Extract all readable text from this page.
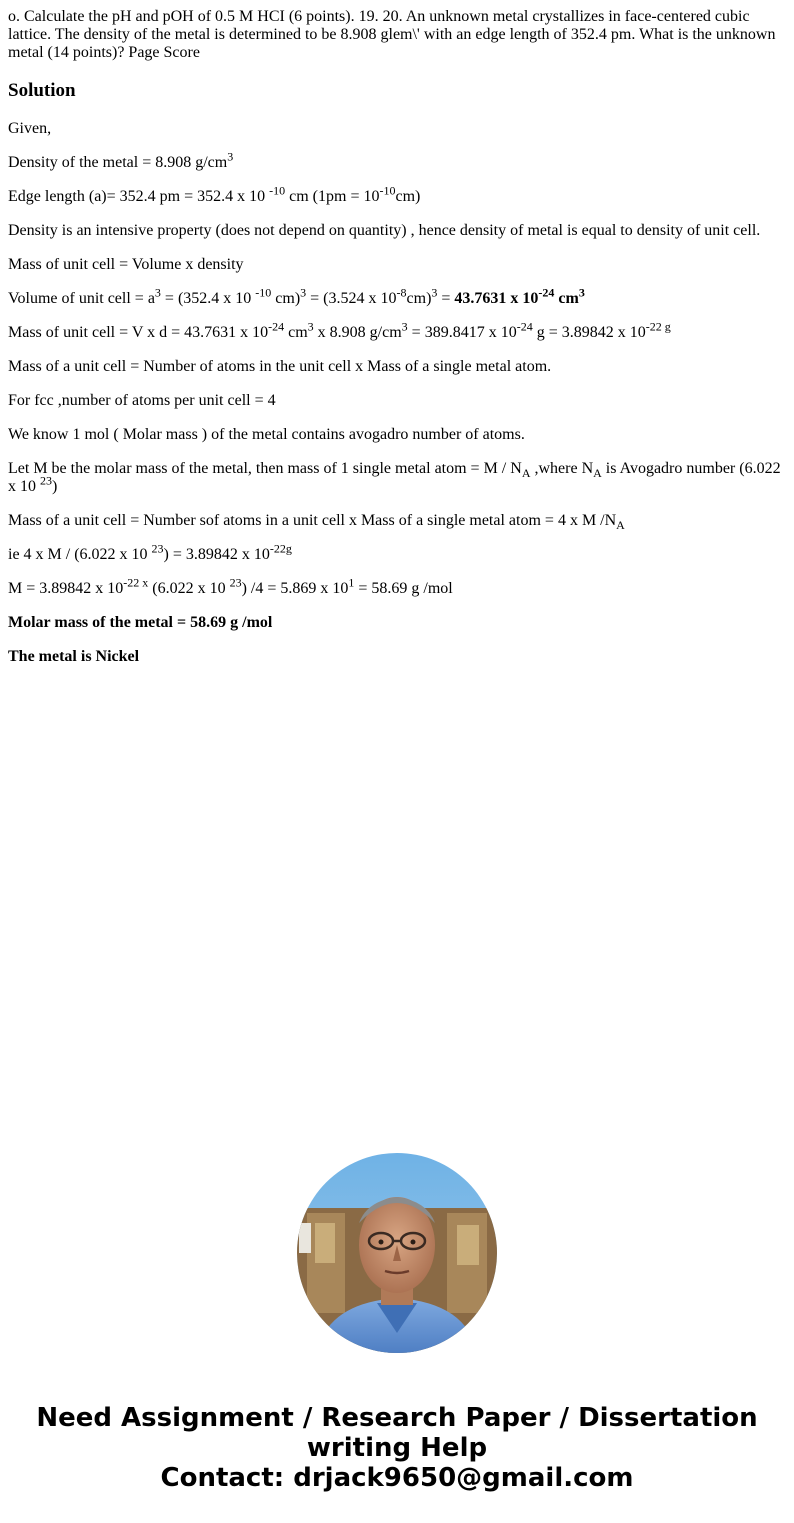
o. Calculate the pH and pOH of 0.5 M HCI (6 points). 19. 20. An unknown metal crystallizes in face-centered cubic lattice. The density of the metal is determined to be 8.908 glem\' with an edge length of 352.4 pm. What is the unknown metal (14 points)? Page Score
Solution

Given,

Density of the metal = 8.908 $g/cm^3$

Edge length (a)= 352.4 pm = 352.4 x 10 $^{-10}$ cm $(1pm = 10^{-10}cm)$

Density is an intensive property (does not depend on quantity) , hence density of metal is equal to density of unit cell.

Mass of unit cell = Volume x density

Volume of unit cell = $a^3 = (352.4$ x 10 $^{-10}$ cm)$^3$ = (3.524 x $10^{-8}cm)^3 = 43.7631$ x $10^{-24}$ $cm^3$

Mass of unit cell = V x d = 43.7631 x $10^{-24}$ $cm^3$ x 8.908 $g/cm^3 = 389.8417$ x $10^{-24}$ g = 3.89842 x $10^{-22 g}$

Mass of a unit cell = Number of atoms in the unit cell x Mass of a single metal atom.

For fcc ,number of atoms per unit cell = 4

We know 1 mol ( Molar mass ) of the metal contains avogadro number of atoms.

Let M be the molar mass of the metal, then mass of 1 single metal atom = M / $N_A$ ,where $N_A$ is Avogadro number (6.022 x 10 $^{23}$)

Mass of a unit cell = Number sof atoms in a unit cell x Mass of a single metal atom = 4 x M $/N_A$

ie 4 x M / (6.022 x 10 $^{23}$) = 3.89842 x $10^{-22g}$

M = 3.89842 x $10^{-22 x}$ (6.022 x 10 $^{23}$) /4 = 5.869 x $10^1 = 58.69$ g /mol

Molar mass of the metal = 58.69 g /mol

The metal is Nickel

Need Assignment / Research Paper / Dissertation writing Help
Contact: drjack9650@gmail.com
